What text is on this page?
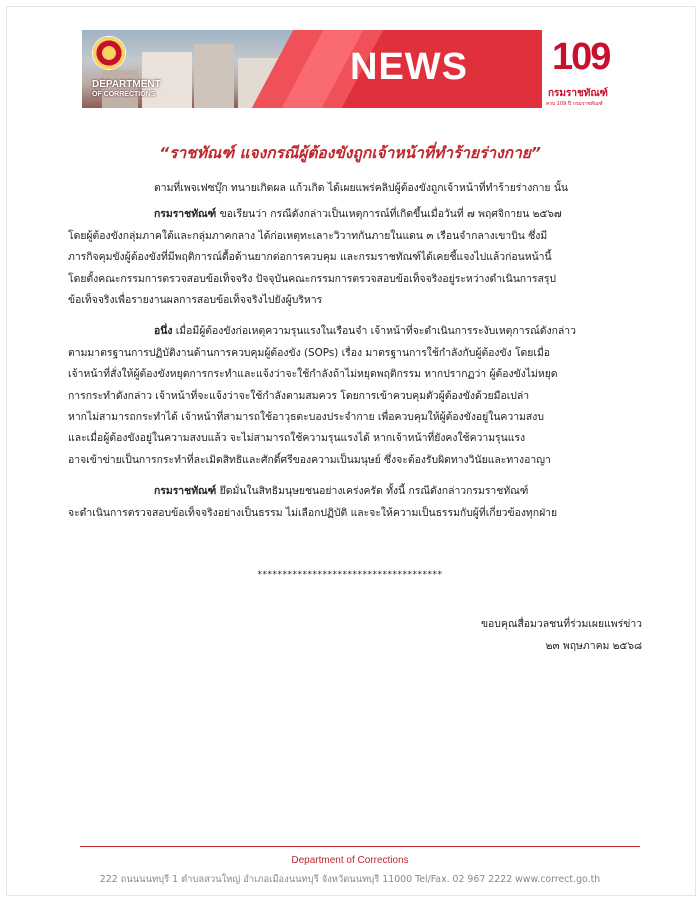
DEPARTMENT
OF CORRECTIONS
NEWS 109
กรมราชทัณฑ์
ครบ 109 ปี กรมราชทัณฑ์
“ราชทัณฑ์ แจงกรณีผู้ต้องขังถูกเจ้าหน้าที่ทำร้ายร่างกาย”

ตามที่เพจเฟซบุ๊ก ทนายเกิดผล แก้วเกิด ได้เผยแพร่คลิปผู้ต้องขังถูกเจ้าหน้าที่ทำร้ายร่างกาย นั้น

กรมราชทัณฑ์ ขอเรียนว่า กรณีดังกล่าวเป็นเหตุการณ์ที่เกิดขึ้นเมื่อวันที่ ๗ พฤศจิกายน ๒๕๖๗
โดยผู้ต้องขังกลุ่มภาคใต้และกลุ่มภาคกลาง ได้ก่อเหตุทะเลาะวิวาทกันภายในแดน ๓ เรือนจำกลางเขาบิน ซึ่งมี
ภารกิจคุมขังผู้ต้องขังที่มีพฤติการณ์ดื้อด้านยากต่อการควบคุม และกรมราชทัณฑ์ได้เคยชี้แจงไปแล้วก่อนหน้านี้
โดยตั้งคณะกรรมการตรวจสอบข้อเท็จจริง ปัจจุบันคณะกรรมการตรวจสอบข้อเท็จจริงอยู่ระหว่างดำเนินการสรุป
ข้อเท็จจริงเพื่อรายงานผลการสอบข้อเท็จจริงไปยังผู้บริหาร
อนึ่ง เมื่อมีผู้ต้องขังก่อเหตุความรุนแรงในเรือนจำ เจ้าหน้าที่จะดำเนินการระงับเหตุการณ์ดังกล่าว
ตามมาตรฐานการปฏิบัติงานด้านการควบคุมผู้ต้องขัง (SOPs) เรื่อง มาตรฐานการใช้กำลังกับผู้ต้องขัง โดยเมื่อ
เจ้าหน้าที่สั่งให้ผู้ต้องขังหยุดการกระทำและแจ้งว่าจะใช้กำลังถ้าไม่หยุดพฤติกรรม หากปรากฏว่า ผู้ต้องขังไม่หยุด
การกระทำดังกล่าว เจ้าหน้าที่จะแจ้งว่าจะใช้กำลังตามสมควร โดยการเข้าควบคุมตัวผู้ต้องขังด้วยมือเปล่า
หากไม่สามารถกระทำได้ เจ้าหน้าที่สามารถใช้อาวุธตะบองประจำกาย เพื่อควบคุมให้ผู้ต้องขังอยู่ในความสงบ
และเมื่อผู้ต้องขังอยู่ในความสงบแล้ว จะไม่สามารถใช้ความรุนแรงได้ หากเจ้าหน้าที่ยังคงใช้ความรุนแรง
อาจเข้าข่ายเป็นการกระทำที่ละเมิดสิทธิและศักดิ์ศรีของความเป็นมนุษย์ ซึ่งจะต้องรับผิดทางวินัยและทางอาญา
กรมราชทัณฑ์ ยึดมั่นในสิทธิมนุษยชนอย่างเคร่งครัด ทั้งนี้ กรณีดังกล่าวกรมราชทัณฑ์
จะดำเนินการตรวจสอบข้อเท็จจริงอย่างเป็นธรรม ไม่เลือกปฏิบัติ และจะให้ความเป็นธรรมกับผู้ที่เกี่ยวข้องทุกฝ่าย
*************************************
ขอบคุณสื่อมวลชนที่ร่วมเผยแพร่ข่าว
๒๓ พฤษภาคม ๒๕๖๘
Department of Corrections
222 ถนนนนทบุรี 1 ตำบลสวนใหญ่ อำเภอเมืองนนทบุรี จังหวัดนนทบุรี 11000 Tel/Fax. 02 967 2222 www.correct.go.th
